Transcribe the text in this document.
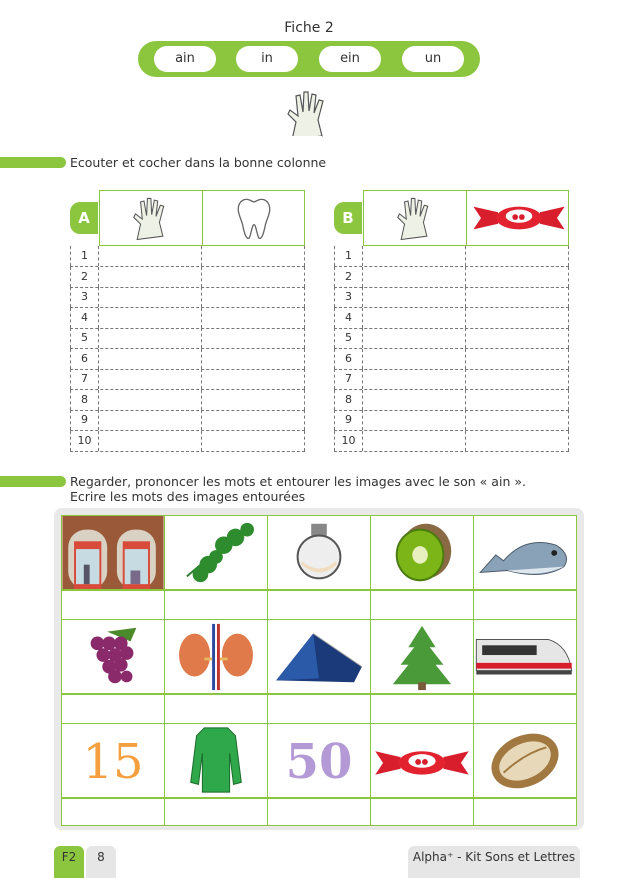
Fiche 2
ain	in	ein	un
Ecouter et cocher dans la bonne colonne
A
1
2
3
4
5
6
7
8
9
10
B
1
2
3
4
5
6
7
8
9
10
Regarder, prononcer les mots et entourer les images avec le son « ain ».
Ecrire les mots des images entourées
15	50
F2	8	Alpha⁺ - Kit Sons et Lettres
